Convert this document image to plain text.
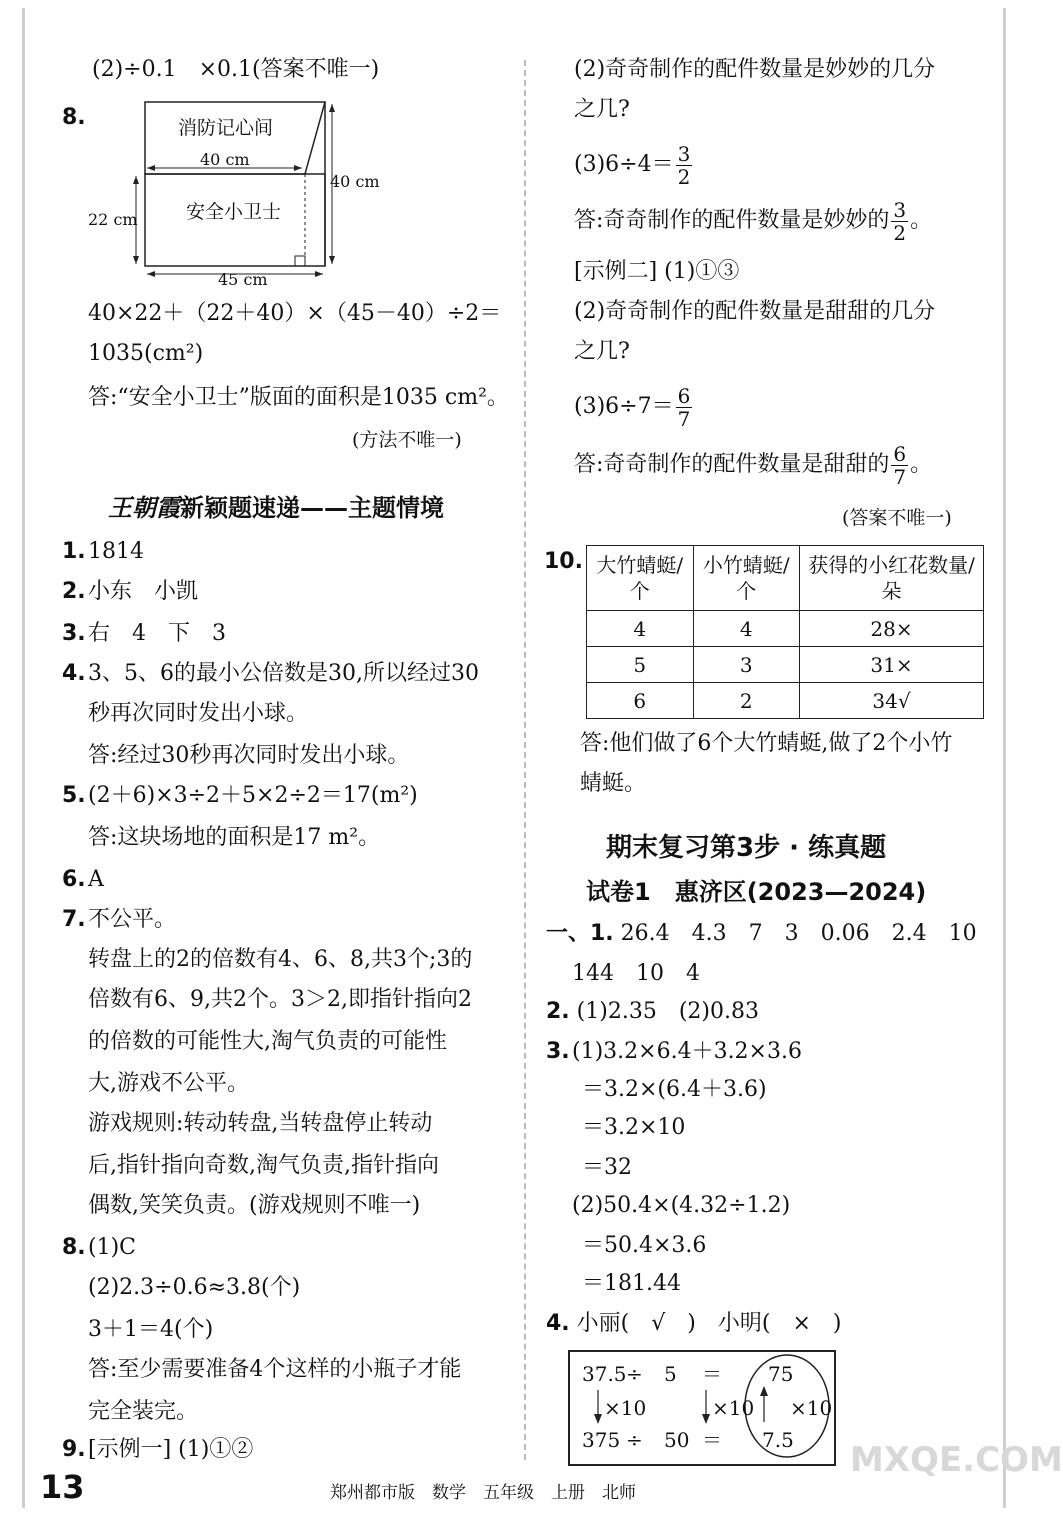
(2)÷0.1　×0.1(答案不唯一)
8.	消防记心间
40 cm
40 cm
安全小卫士
22 cm
45 cm
40×22＋（22＋40）×（45－40）÷2＝
1035(cm²)
答:“安全小卫士”版面的面积是1035 cm²。
(方法不唯一)
王朝霞新颖题速递——主题情境
1. 1814
2. 小东　小凯
3. 右　4　下　3
4. 3、5、6的最小公倍数是30,所以经过30
秒再次同时发出小球。
答:经过30秒再次同时发出小球。
5. (2＋6)×3÷2＋5×2÷2＝17(m²)
答:这块场地的面积是17 m²。
6. A
7. 不公平。
转盘上的2的倍数有4、6、8,共3个;3的
倍数有6、9,共2个。3＞2,即指针指向2
的倍数的可能性大,淘气负责的可能性
大,游戏不公平。
游戏规则:转动转盘,当转盘停止转动
后,指针指向奇数,淘气负责,指针指向
偶数,笑笑负责。(游戏规则不唯一)
8. (1)C
(2)2.3÷0.6≈3.8(个)
3＋1＝4(个)
答:至少需要准备4个这样的小瓶子才能
完全装完。
9. [示例一] (1)①②
(2)奇奇制作的配件数量是妙妙的几分
之几?
$(3)6\div 4= \frac{3}{2}$
答:奇奇制作的配件数量是妙妙的 $\frac{3}{2}$ 。
[示例二] (1)①③
(2)奇奇制作的配件数量是甜甜的几分
之几?
$(3)6\div 7= \frac{6}{7}$
答:奇奇制作的配件数量是甜甜的 $\frac{6}{7}$ 。
(答案不唯一)
10. 大竹蜻蜓/个	小竹蜻蜓/个	获得的小红花数量/朵
4	4	28×
5	3	31×
6	2	34√
答:他们做了6个大竹蜻蜓,做了2个小竹
蜻蜓。
期末复习第3步 · 练真题
试卷1　惠济区(2023—2024)
一、1. 26.4　4.3　7　3　0.06　2.4　10
144　10　4
2. (1)2.35　(2)0.83
3. (1)3.2×6.4＋3.2×3.6
＝3.2×(6.4＋3.6)
＝3.2×10
＝32
(2)50.4×(4.32÷1.2)
＝50.4×3.6
＝181.44
4. 小丽(　√　)　小明(　×　)
37.5 ÷ 5 ＝ 75
×10	×10 ×10
375 ÷ 50 ＝ 7.5
13	郑州都市版　数学　五年级　上册　北师
MXQE.COM
